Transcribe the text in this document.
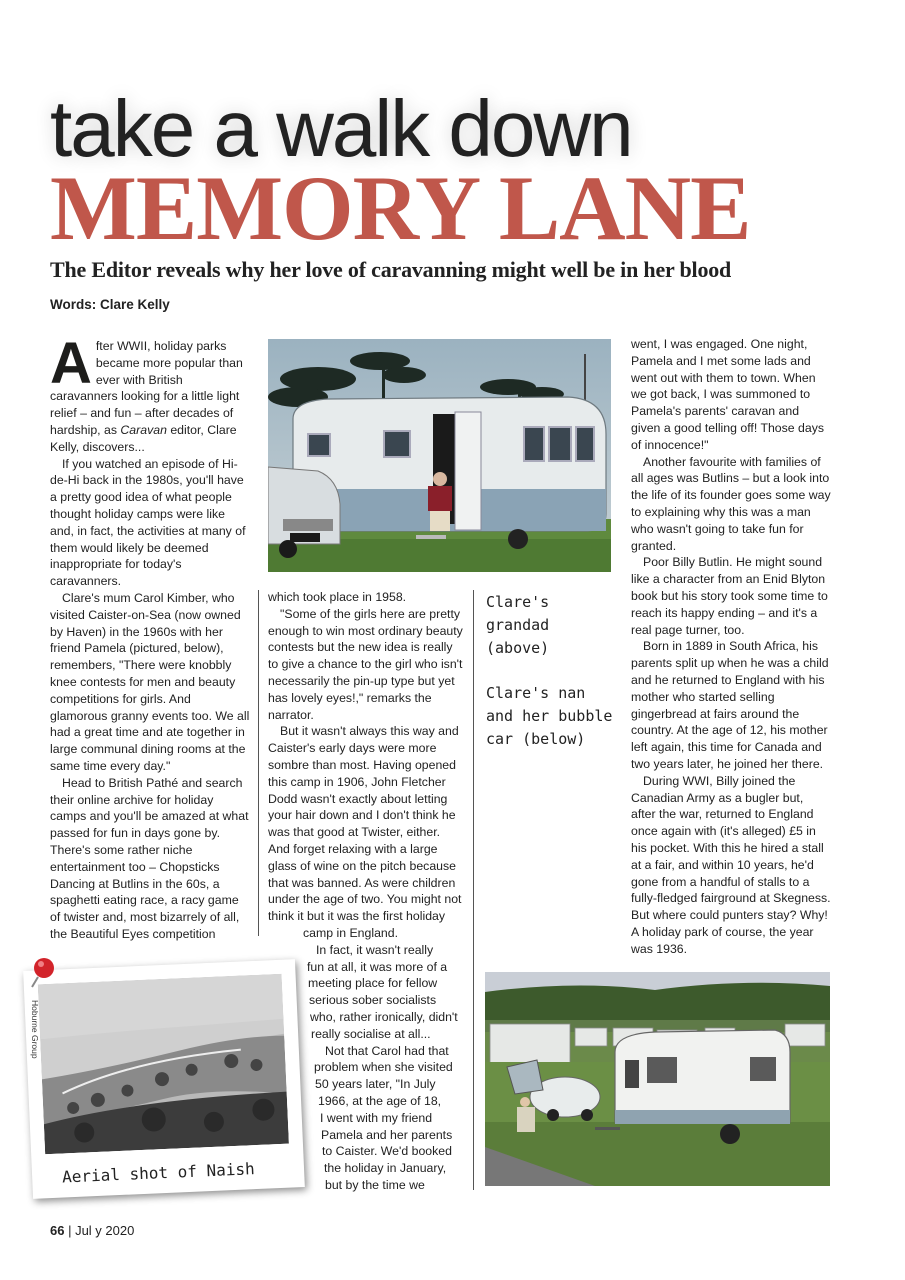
take a walk down
MEMORY LANE
The Editor reveals why her love of caravanning might well be in her blood
Words: Clare Kelly

After WWII, holiday parks became more popular than ever with British caravanners looking for a little light relief – and fun – after decades of hardship, as Caravan editor, Clare Kelly, discovers...

If you watched an episode of Hi-de-Hi back in the 1980s, you'll have a pretty good idea of what people thought holiday camps were like and, in fact, the activities at many of them would likely be deemed inappropriate for today's caravanners.

Clare's mum Carol Kimber, who visited Caister-on-Sea (now owned by Haven) in the 1960s with her friend Pamela (pictured, below), remembers, "There were knobbly knee contests for men and beauty competitions for girls. And glamorous granny events too. We all had a great time and ate together in large communal dining rooms at the same time every day."

Head to British Pathé and search their online archive for holiday camps and you'll be amazed at what passed for fun in days gone by. There's some rather niche entertainment too – Chopsticks Dancing at Butlins in the 60s, a spaghetti eating race, a racy game of twister and, most bizarrely of all, the Beautiful Eyes competition

which took place in 1958.

"Some of the girls here are pretty enough to win most ordinary beauty contests but the new idea is really to give a chance to the girl who isn't necessarily the pin-up type but yet has lovely eyes!," remarks the narrator.

But it wasn't always this way and Caister's early days were more sombre than most. Having opened this camp in 1906, John Fletcher Dodd wasn't exactly about letting your hair down and I don't think he was that good at Twister, either. And forget relaxing with a large glass of wine on the pitch because that was banned. As were children under the age of two. You might not think it but it was the first holiday

camp in England.
In fact, it wasn't really
fun at all, it was more of a
meeting place for fellow
serious sober socialists
who, rather ironically, didn't
really socialise at all...
Not that Carol had that
problem when she visited
50 years later, "In July
1966, at the age of 18,
I went with my friend
Pamela and her parents
to Caister. We'd booked
the holiday in January,
but by the time we
Clare's
grandad
(above)
Clare's nan
and her bubble
car (below)

went, I was engaged. One night, Pamela and I met some lads and went out with them to town. When we got back, I was summoned to Pamela's parents' caravan and given a good telling off! Those days of innocence!"

Another favourite with families of all ages was Butlins – but a look into the life of its founder goes some way to explaining why this was a man who wasn't going to take fun for granted.

Poor Billy Butlin. He might sound like a character from an Enid Blyton book but his story took some time to reach its happy ending – and it's a real page turner, too.

Born in 1889 in South Africa, his parents split up when he was a child and he returned to England with his mother who started selling gingerbread at fairs around the country. At the age of 12, his mother left again, this time for Canada and two years later, he joined her there.

During WWI, Billy joined the Canadian Army as a bugler but, after the war, returned to England once again with (it's alleged) £5 in his pocket. With this he hired a stall at a fair, and within 10 years, he'd gone from a handful of stalls to a fully-fledged fairground at Skegness. But where could punters stay? Why! A holiday park of course, the year was 1936.

Aerial shot of Naish
Hoburne Group
66 | Jul y 2020
